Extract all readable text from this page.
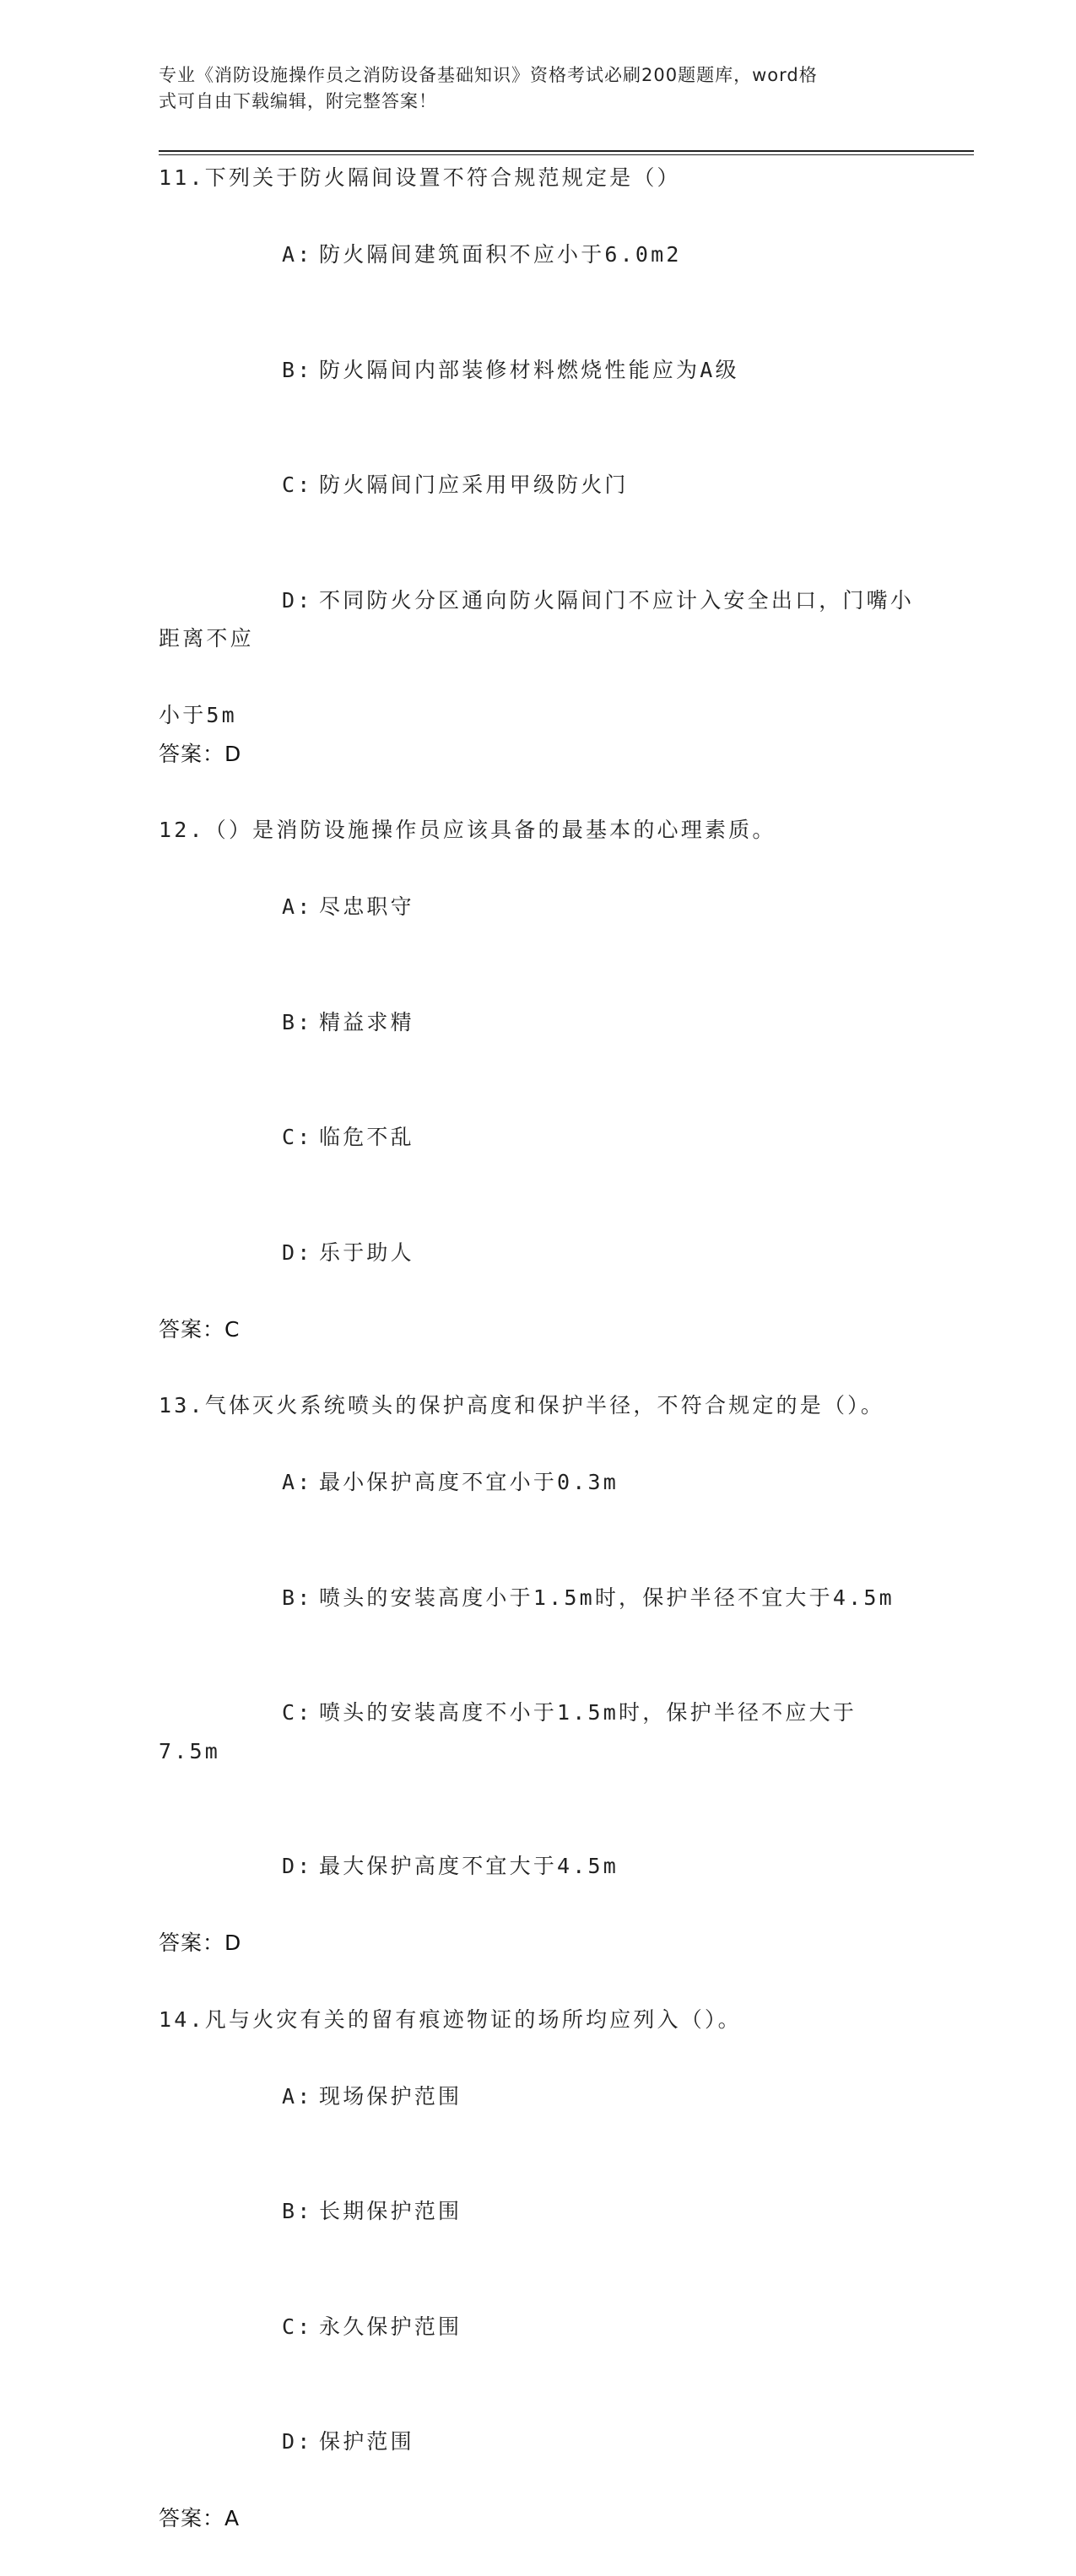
专业《消防设施操作员之消防设备基础知识》资格考试必刷200题题库，word格
式可自由下载编辑，附完整答案！
11.下列关于防火隔间设置不符合规范规定是（）

A: 防火隔间建筑面积不应小于6.0m2

B: 防火隔间内部装修材料燃烧性能应为A级

C: 防火隔间门应采用甲级防火门

D: 不同防火分区通向防火隔间门不应计入安全出口，门嘴小距离不应

小于5m
答案：D
12.（）是消防设施操作员应该具备的最基本的心理素质。

A: 尽忠职守

B: 精益求精

C: 临危不乱

D: 乐于助人

答案：C
13.气体灭火系统喷头的保护高度和保护半径，不符合规定的是（）。

A: 最小保护高度不宜小于0.3m

B: 喷头的安装高度小于1.5m时，保护半径不宜大于4.5m

C: 喷头的安装高度不小于1.5m时，保护半径不应大于7.5m

D: 最大保护高度不宜大于4.5m

答案：D
14.凡与火灾有关的留有痕迹物证的场所均应列入（）。

A: 现场保护范围

B: 长期保护范围

C: 永久保护范围

D: 保护范围

答案：A
